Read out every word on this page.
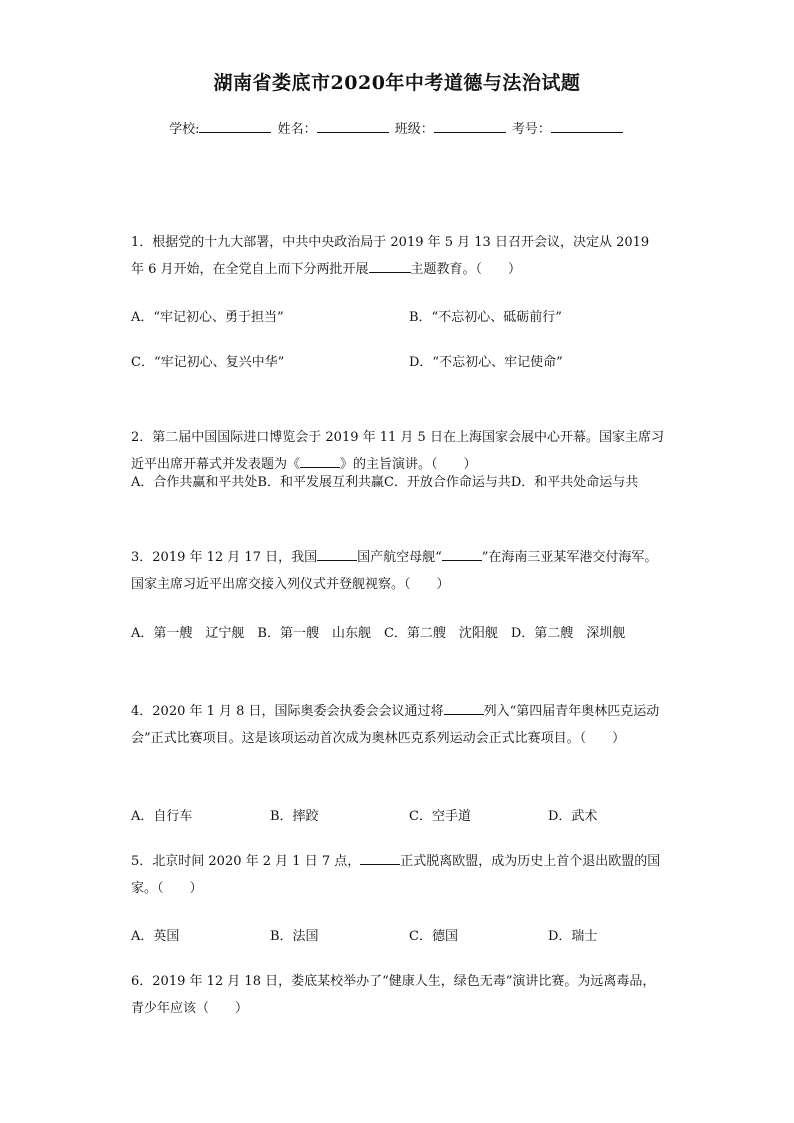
湖南省娄底市2020年中考道德与法治试题
学校:	姓名：	班级：	考号：
1．根据党的十九大部署，中共中央政治局于 2019 年 5 月 13 日召开会议，决定从 2019 年 6 月开始，在全党自上而下分两批开展	主题教育。（　　）
A．“牢记初心、勇于担当”	B．“不忘初心、砥砺前行”
C．“牢记初心、复兴中华”	D．“不忘初心、牢记使命”
2．第二届中国国际进口博览会于 2019 年 11 月 5 日在上海国家会展中心开幕。国家主席习近平出席开幕式并发表题为《	》的主旨演讲。（　　）
A．合作共赢和平共处B．和平发展互利共赢C．开放合作命运与共D．和平共处命运与共
3．2019 年 12 月 17 日，我国	国产航空母舰“	”在海南三亚某军港交付海军。国家主席习近平出席交接入列仪式并登舰视察。（　　）
A．第一艘　辽宁舰　B．第一艘　山东舰　C．第二艘　沈阳舰　D．第二艘　深圳舰
4．2020 年 1 月 8 日，国际奥委会执委会会议通过将	列入“第四届青年奥林匹克运动会”正式比赛项目。这是该项运动首次成为奥林匹克系列运动会正式比赛项目。（　　）
A．自行车	B．摔跤	C．空手道	D．武术
5．北京时间 2020 年 2 月 1 日 7 点，	正式脱离欧盟，成为历史上首个退出欧盟的国家。（　　）
A．英国	B．法国	C．德国	D．瑞士
6．2019 年 12 月 18 日，娄底某校举办了“健康人生，绿色无毒”演讲比赛。为远离毒品，青少年应该（　　）
